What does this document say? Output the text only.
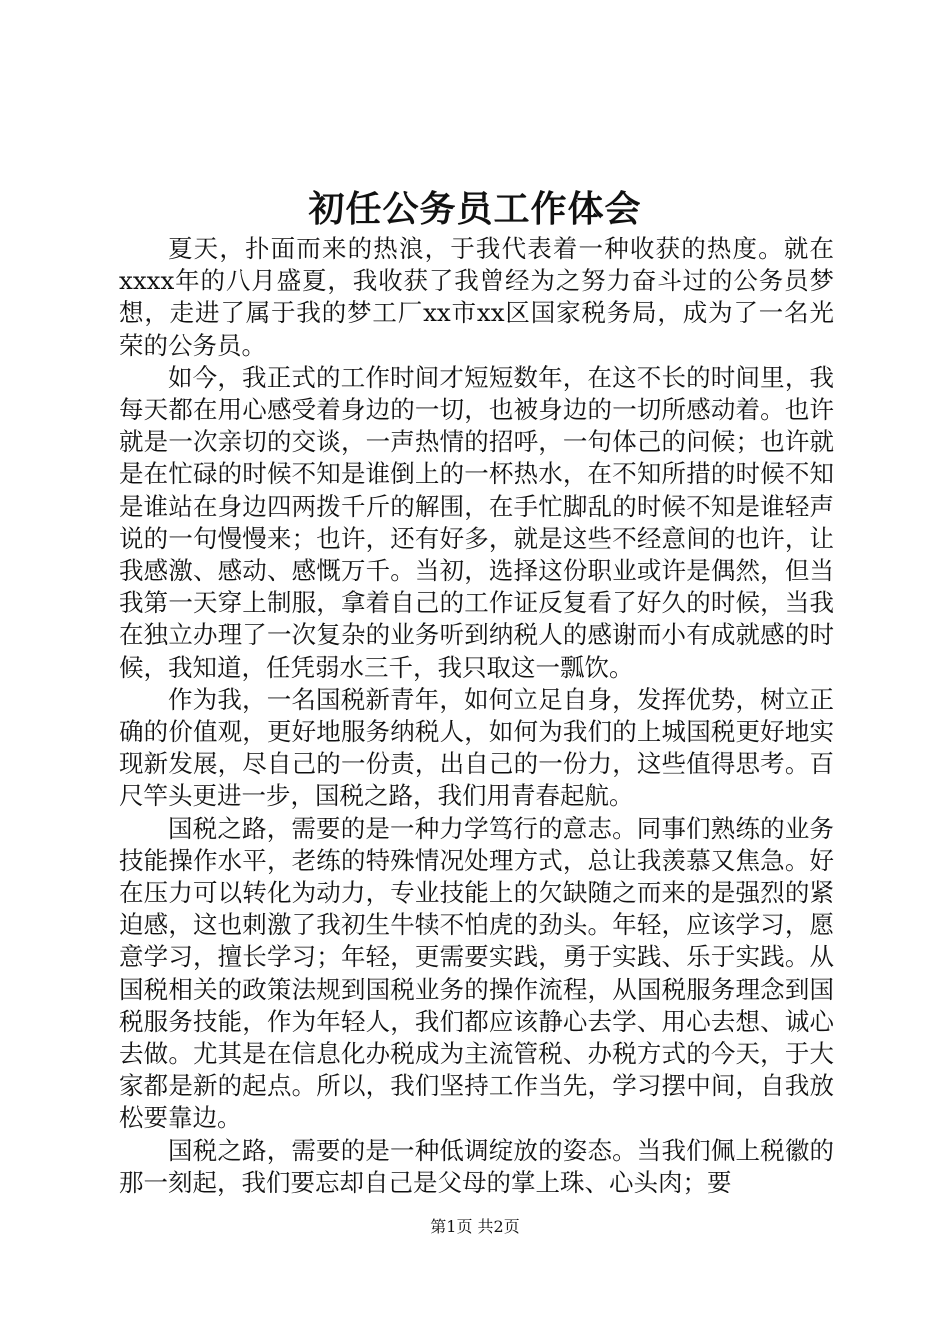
初任公务员工作体会

夏天，扑面而来的热浪，于我代表着一种收获的热度。就在xxxx年的八月盛夏，我收获了我曾经为之努力奋斗过的公务员梦想，走进了属于我的梦工厂xx市xx区国家税务局，成为了一名光荣的公务员。

如今，我正式的工作时间才短短数年，在这不长的时间里，我每天都在用心感受着身边的一切，也被身边的一切所感动着。也许就是一次亲切的交谈，一声热情的招呼，一句体己的问候；也许就是在忙碌的时候不知是谁倒上的一杯热水，在不知所措的时候不知是谁站在身边四两拨千斤的解围，在手忙脚乱的时候不知是谁轻声说的一句慢慢来；也许，还有好多，就是这些不经意间的也许，让我感激、感动、感慨万千。当初，选择这份职业或许是偶然，但当我第一天穿上制服，拿着自己的工作证反复看了好久的时候，当我在独立办理了一次复杂的业务听到纳税人的感谢而小有成就感的时候，我知道，任凭弱水三千，我只取这一瓢饮。

作为我，一名国税新青年，如何立足自身，发挥优势，树立正确的价值观，更好地服务纳税人，如何为我们的上城国税更好地实现新发展，尽自己的一份责，出自己的一份力，这些值得思考。百尺竿头更进一步，国税之路，我们用青春起航。

国税之路，需要的是一种力学笃行的意志。同事们熟练的业务技能操作水平，老练的特殊情况处理方式，总让我羡慕又焦急。好在压力可以转化为动力，专业技能上的欠缺随之而来的是强烈的紧迫感，这也刺激了我初生牛犊不怕虎的劲头。年轻，应该学习，愿意学习，擅长学习；年轻，更需要实践，勇于实践、乐于实践。从国税相关的政策法规到国税业务的操作流程，从国税服务理念到国税服务技能，作为年轻人，我们都应该静心去学、用心去想、诚心去做。尤其是在信息化办税成为主流管税、办税方式的今天，于大家都是新的起点。所以，我们坚持工作当先，学习摆中间，自我放松要靠边。

国税之路，需要的是一种低调绽放的姿态。当我们佩上税徽的那一刻起，我们要忘却自己是父母的掌上珠、心头肉；要

第1页 共2页
